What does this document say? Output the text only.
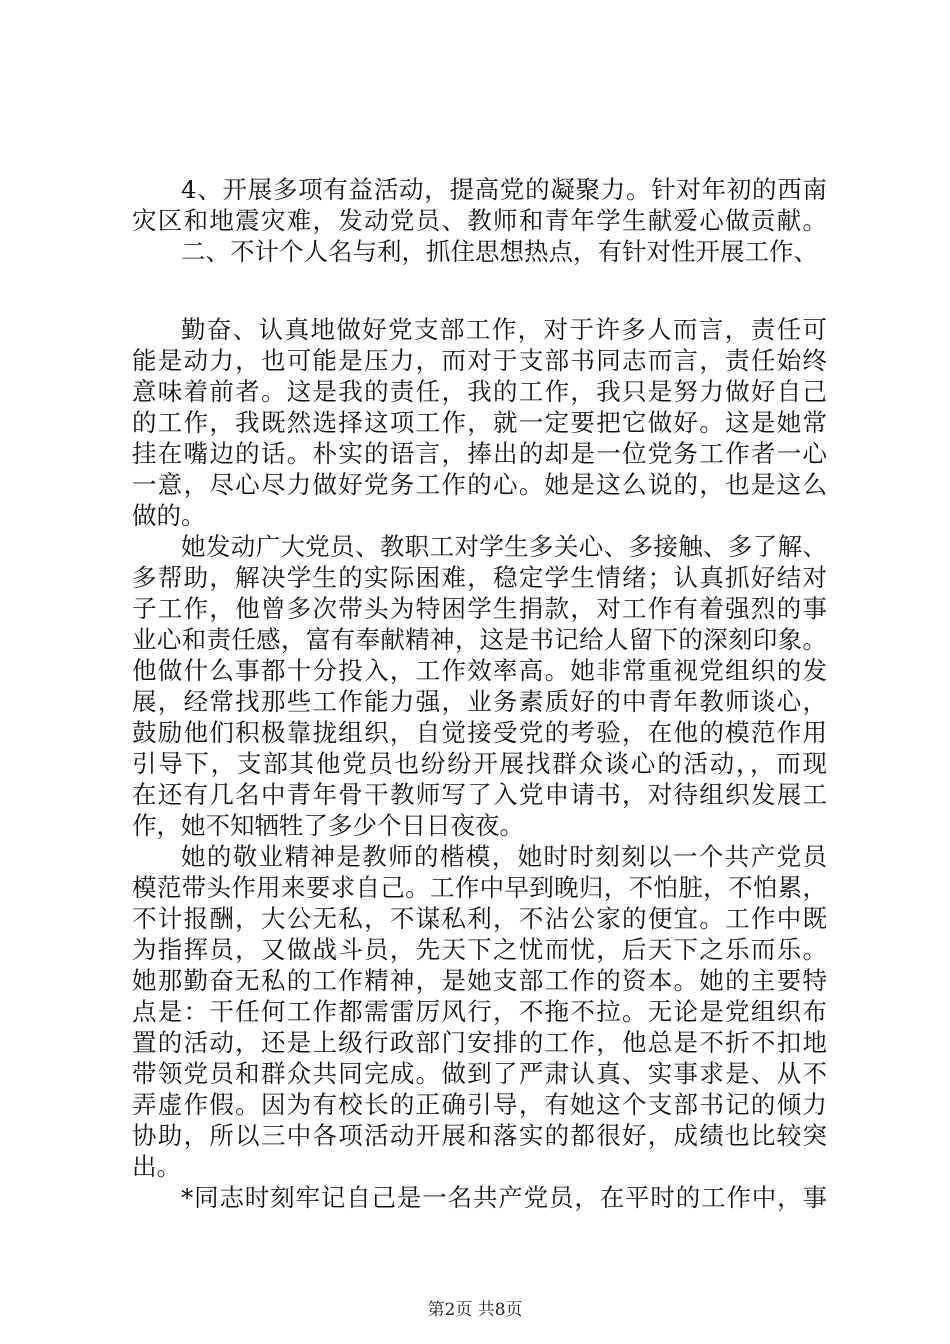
4、开展多项有益活动，提高党的凝聚力。针对年初的西南
灾区和地震灾难，发动党员、教师和青年学生献爱心做贡献。
二、不计个人名与利，抓住思想热点，有针对性开展工作、
勤奋、认真地做好党支部工作，对于许多人而言，责任可
能是动力，也可能是压力，而对于支部书同志而言，责任始终
意味着前者。这是我的责任，我的工作，我只是努力做好自己
的工作，我既然选择这项工作，就一定要把它做好。这是她常
挂在嘴边的话。朴实的语言，捧出的却是一位党务工作者一心
一意，尽心尽力做好党务工作的心。她是这么说的，也是这么
做的。
她发动广大党员、教职工对学生多关心、多接触、多了解、
多帮助，解决学生的实际困难，稳定学生情绪；认真抓好结对
子工作，他曾多次带头为特困学生捐款，对工作有着强烈的事
业心和责任感，富有奉献精神，这是书记给人留下的深刻印象。
他做什么事都十分投入，工作效率高。她非常重视党组织的发
展，经常找那些工作能力强，业务素质好的中青年教师谈心，
鼓励他们积极靠拢组织，自觉接受党的考验，在他的模范作用
引导下，支部其他党员也纷纷开展找群众谈心的活动，，而现
在还有几名中青年骨干教师写了入党申请书，对待组织发展工
作，她不知牺牲了多少个日日夜夜。
她的敬业精神是教师的楷模，她时时刻刻以一个共产党员
模范带头作用来要求自己。工作中早到晚归，不怕脏，不怕累，
不计报酬，大公无私，不谋私利，不沾公家的便宜。工作中既
为指挥员，又做战斗员，先天下之忧而忧，后天下之乐而乐。
她那勤奋无私的工作精神，是她支部工作的资本。她的主要特
点是：干任何工作都需雷厉风行，不拖不拉。无论是党组织布
置的活动，还是上级行政部门安排的工作，他总是不折不扣地
带领党员和群众共同完成。做到了严肃认真、实事求是、从不
弄虚作假。因为有校长的正确引导，有她这个支部书记的倾力
协助，所以三中各项活动开展和落实的都很好，成绩也比较突
出。
*同志时刻牢记自己是一名共产党员，在平时的工作中，事
第2页 共8页
